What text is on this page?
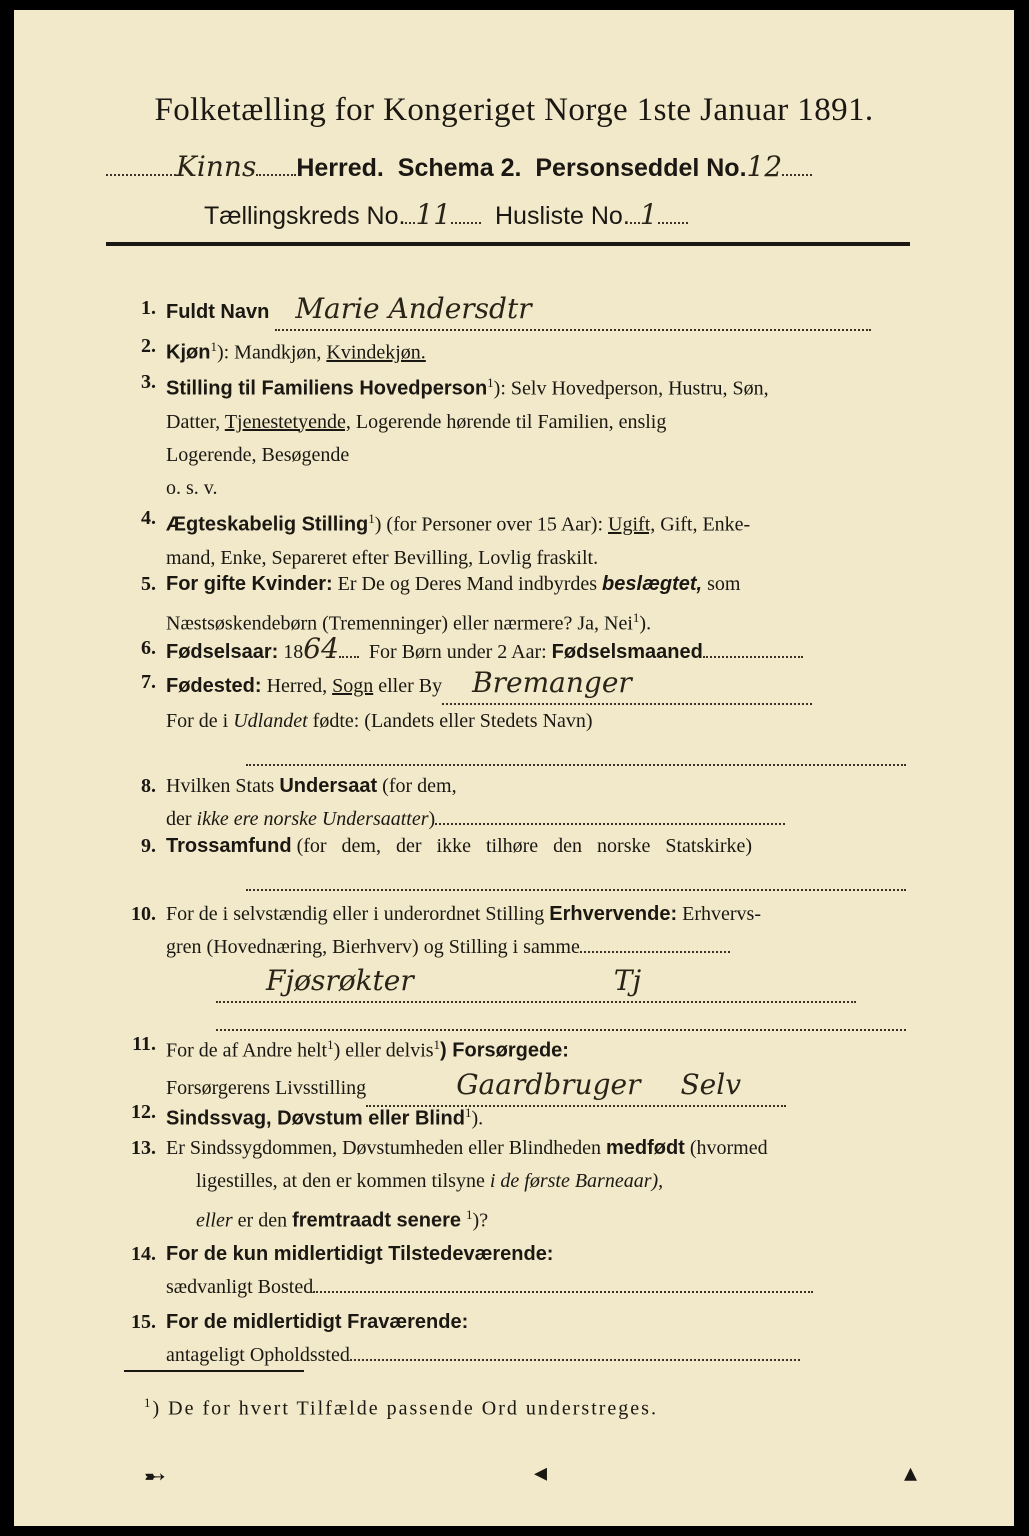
Folketælling for Kongeriget Norge 1ste Januar 1891.
Kinns Herred. Schema 2. Personseddel No.12
Tællingskreds No. 11 Husliste No. 1
1. Fuldt Navn Marie Andersdtr
2. Kjøn$^1$): Mandkjøn, Kvindekjøn.
3. Stilling til Familiens Hovedperson$^1$): Selv Hovedperson, Hustru, Søn,
Datter, Tjenestetyende, Logerende hørende til Familien, enslig
Logerende, Besøgende
o. s. v.
4. Ægteskabelig Stilling$^1$) (for Personer over 15 Aar): Ugift, Gift, Enke-
mand, Enke, Separeret efter Bevilling, Lovlig fraskilt.
5. For gifte Kvinder: Er De og Deres Mand indbyrdes beslægtet, som
Næstsøskendebørn (Tremenninger) eller nærmere? Ja, Nei$^1$).
6. Fødselsaar: 1864 For Børn under 2 Aar: Fødselsmaaned
7. Fødested: Herred, Sogn eller By Bremanger
For de i Udlandet fødte: (Landets eller Stedets Navn)
8. Hvilken Stats Undersaat (for dem,
der ikke ere norske Undersaatter)
9. Trossamfund (for dem, der ikke tilhøre den norske Statskirke)
10. For de i selvstændig eller i underordnet Stilling Erhvervende: Erhvervs-
gren (Hovednæring, Bierhverv) og Stilling i samme
Fjøsrøkter	Tj
11. For de af Andre helt$^1$) eller delvis$^1$) Forsørgede:
Forsørgerens Livsstilling	Gaardbruger Selv
12. Sindssvag, Døvstum eller Blind$^1$).
13. Er Sindssygdommen, Døvstumheden eller Blindheden medfødt (hvormed
ligestilles, at den er kommen tilsyne i de første Barneaar),
eller er den fremtraadt senere $^1$)?
14. For de kun midlertidigt Tilstedeværende:
sædvanligt Bosted
15. For de midlertidigt Fraværende:
antageligt Opholdssted
$^1$) De for hvert Tilfælde passende Ord understreges.
➸	◂	▴
